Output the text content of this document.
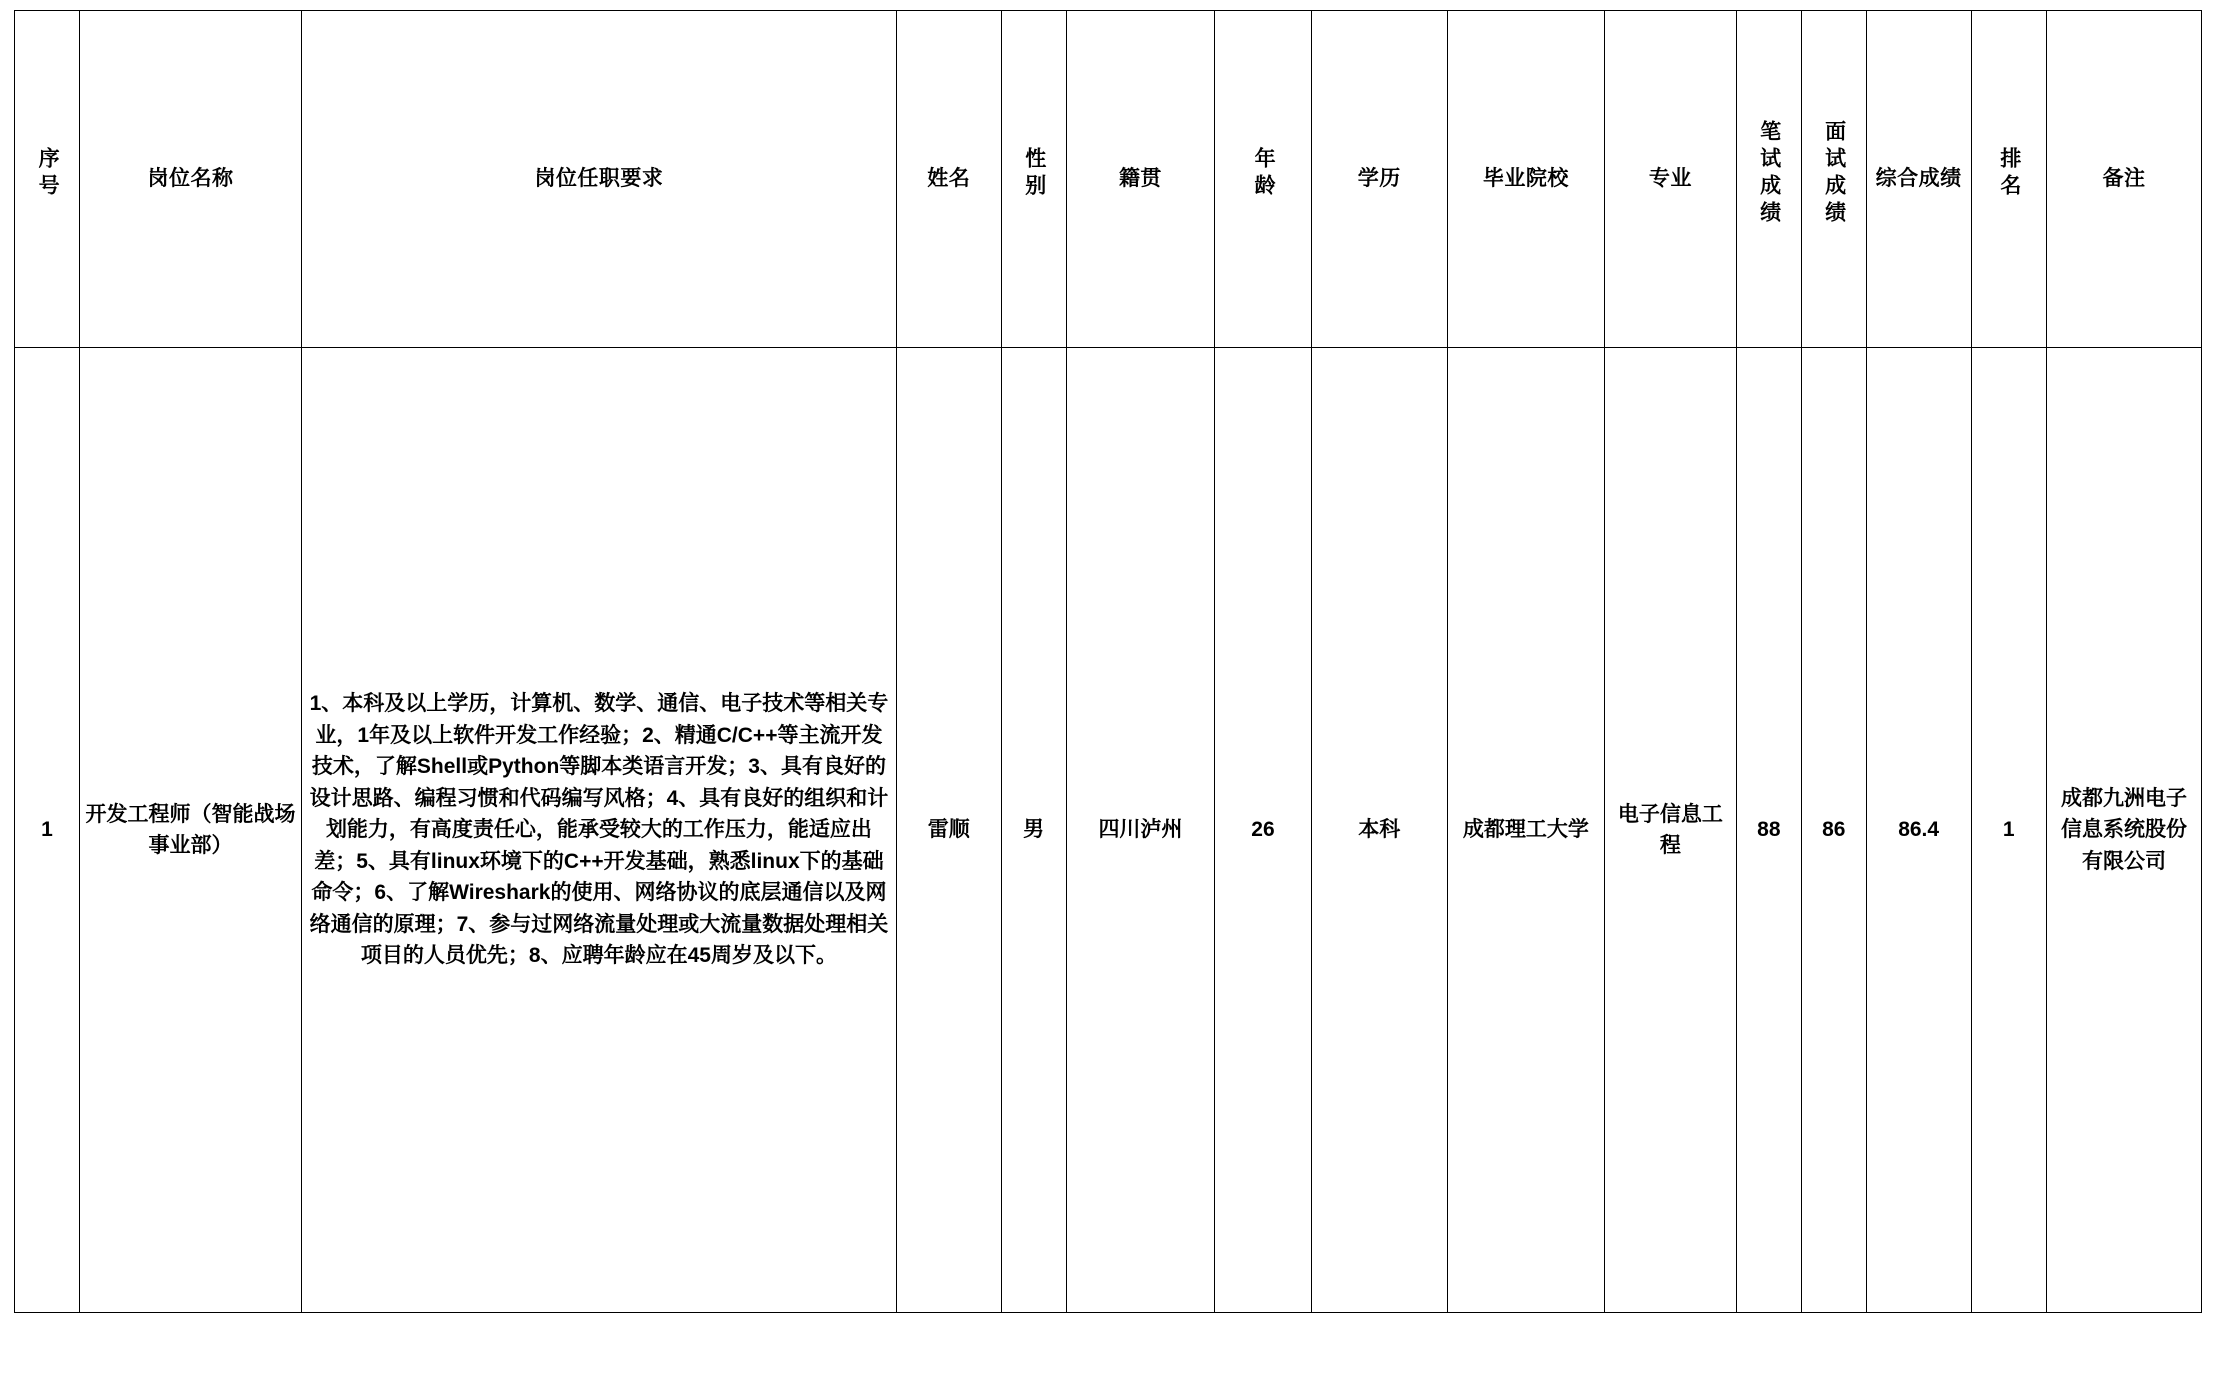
序号	岗位名称	岗位任职要求	姓名	性别	籍贯	年龄	学历	毕业院校	专业	笔试成绩	面试成绩	综合成绩	排名	备注
1	开发工程师（智能战场事业部）	1、本科及以上学历，计算机、数学、通信、电子技术等相关专业，1年及以上软件开发工作经验；2、精通C/C++等主流开发技术，了解Shell或Python等脚本类语言开发；3、具有良好的设计思路、编程习惯和代码编写风格；4、具有良好的组织和计划能力，有高度责任心，能承受较大的工作压力，能适应出差；5、具有linux环境下的C++开发基础，熟悉linux下的基础命令；6、了解Wireshark的使用、网络协议的底层通信以及网络通信的原理；7、参与过网络流量处理或大流量数据处理相关项目的人员优先；8、应聘年龄应在45周岁及以下。	雷顺	男	四川泸州	26	本科	成都理工大学	电子信息工程	88	86	86.4	1	成都九洲电子信息系统股份有限公司
